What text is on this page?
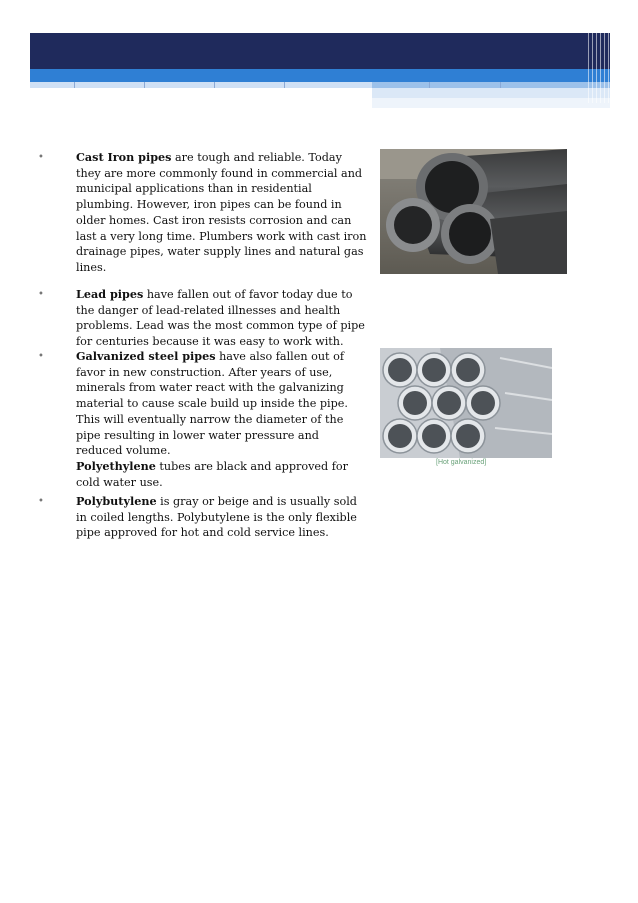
•	Cast Iron pipes are tough and reliable. Today they are more commonly found in commercial and municipal applications than in residential plumbing. However, iron pipes can be found in older homes. Cast iron resists corrosion and can last a very long time. Plumbers work with cast iron drainage pipes, water supply lines and natural gas lines.
•	Lead pipes have fallen out of favor today due to the danger of lead-related illnesses and health problems. Lead was the most common type of pipe for centuries because it was easy to work with.
•	Galvanized steel pipes have also fallen out of favor in new construction. After years of use, minerals from water react with the galvanizing material to cause scale build up inside the pipe. This will eventually narrow the diameter of the pipe resulting in lower water pressure and reduced volume.
Polyethylene tubes are black and approved for cold water use.
•	Polybutylene is gray or beige and is usually sold in coiled lengths. Polybutylene is the only flexible pipe approved for hot and cold service lines.
[Hot galvanized]
